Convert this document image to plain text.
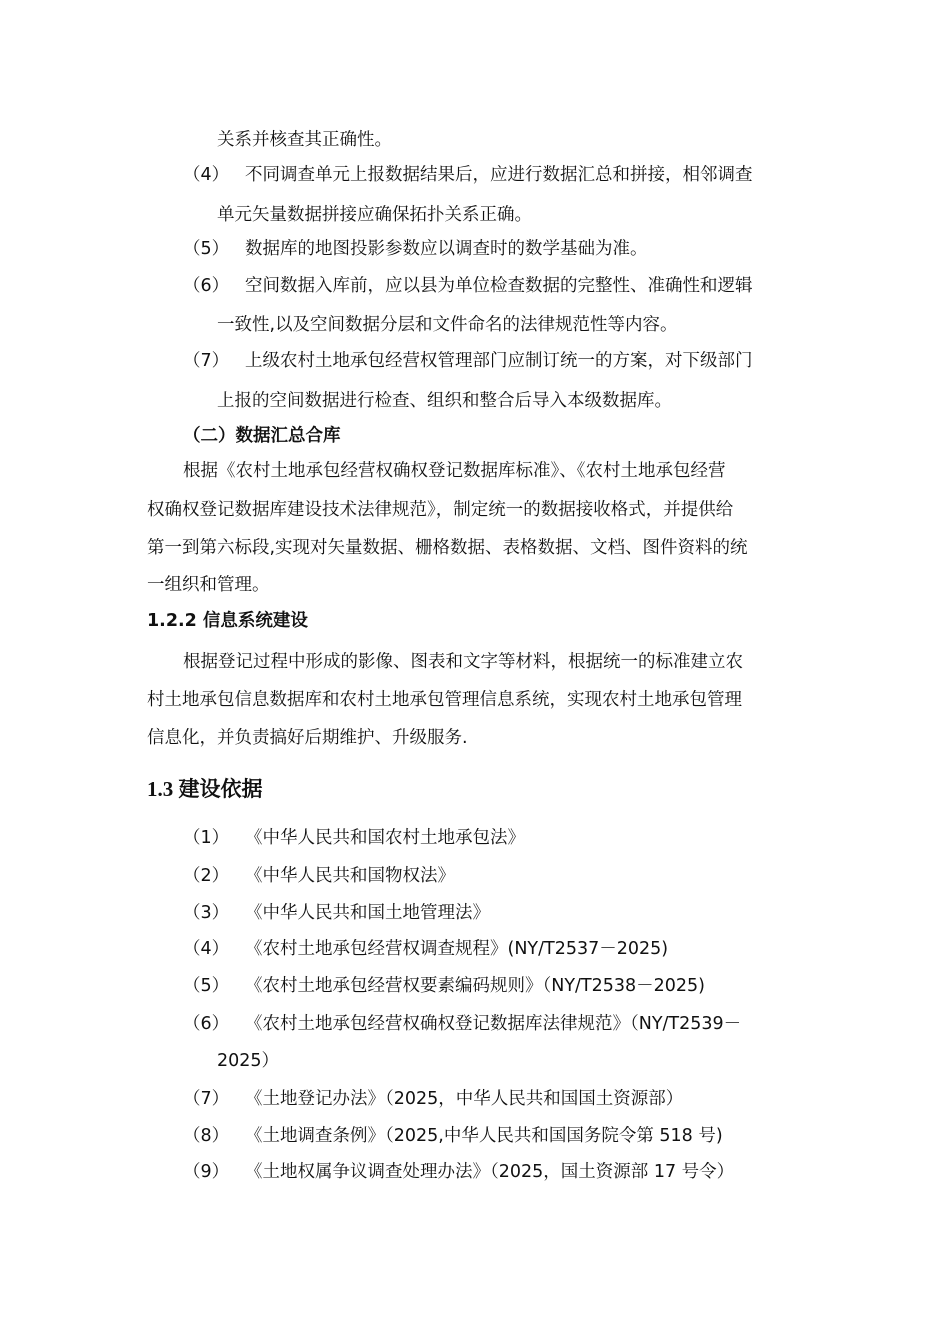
关系并核查其正确性。
（4） 不同调查单元上报数据结果后，应进行数据汇总和拼接，相邻调查
单元矢量数据拼接应确保拓扑关系正确。
（5） 数据库的地图投影参数应以调查时的数学基础为准。
（6） 空间数据入库前，应以县为单位检查数据的完整性、准确性和逻辑
一致性,以及空间数据分层和文件命名的法律规范性等内容。
（7） 上级农村土地承包经营权管理部门应制订统一的方案，对下级部门
上报的空间数据进行检查、组织和整合后导入本级数据库。
（二）数据汇总合库
根据《农村土地承包经营权确权登记数据库标准》、《农村土地承包经营
权确权登记数据库建设技术法律规范》，制定统一的数据接收格式，并提供给
第一到第六标段,实现对矢量数据、栅格数据、表格数据、文档、图件资料的统
一组织和管理。
1.2.2 信息系统建设
根据登记过程中形成的影像、图表和文字等材料，根据统一的标准建立农
村土地承包信息数据库和农村土地承包管理信息系统，实现农村土地承包管理
信息化，并负责搞好后期维护、升级服务.
1.3 建设依据
（1） 《中华人民共和国农村土地承包法》
（2） 《中华人民共和国物权法》
（3） 《中华人民共和国土地管理法》
（4） 《农村土地承包经营权调查规程》(NY/T2537－2025)
（5） 《农村土地承包经营权要素编码规则》（NY/T2538－2025)
（6） 《农村土地承包经营权确权登记数据库法律规范》（NY/T2539－
2025）
（7） 《土地登记办法》（2025，中华人民共和国国土资源部）
（8） 《土地调查条例》（2025,中华人民共和国国务院令第 518 号)
（9） 《土地权属争议调查处理办法》（2025，国土资源部 17 号令）
